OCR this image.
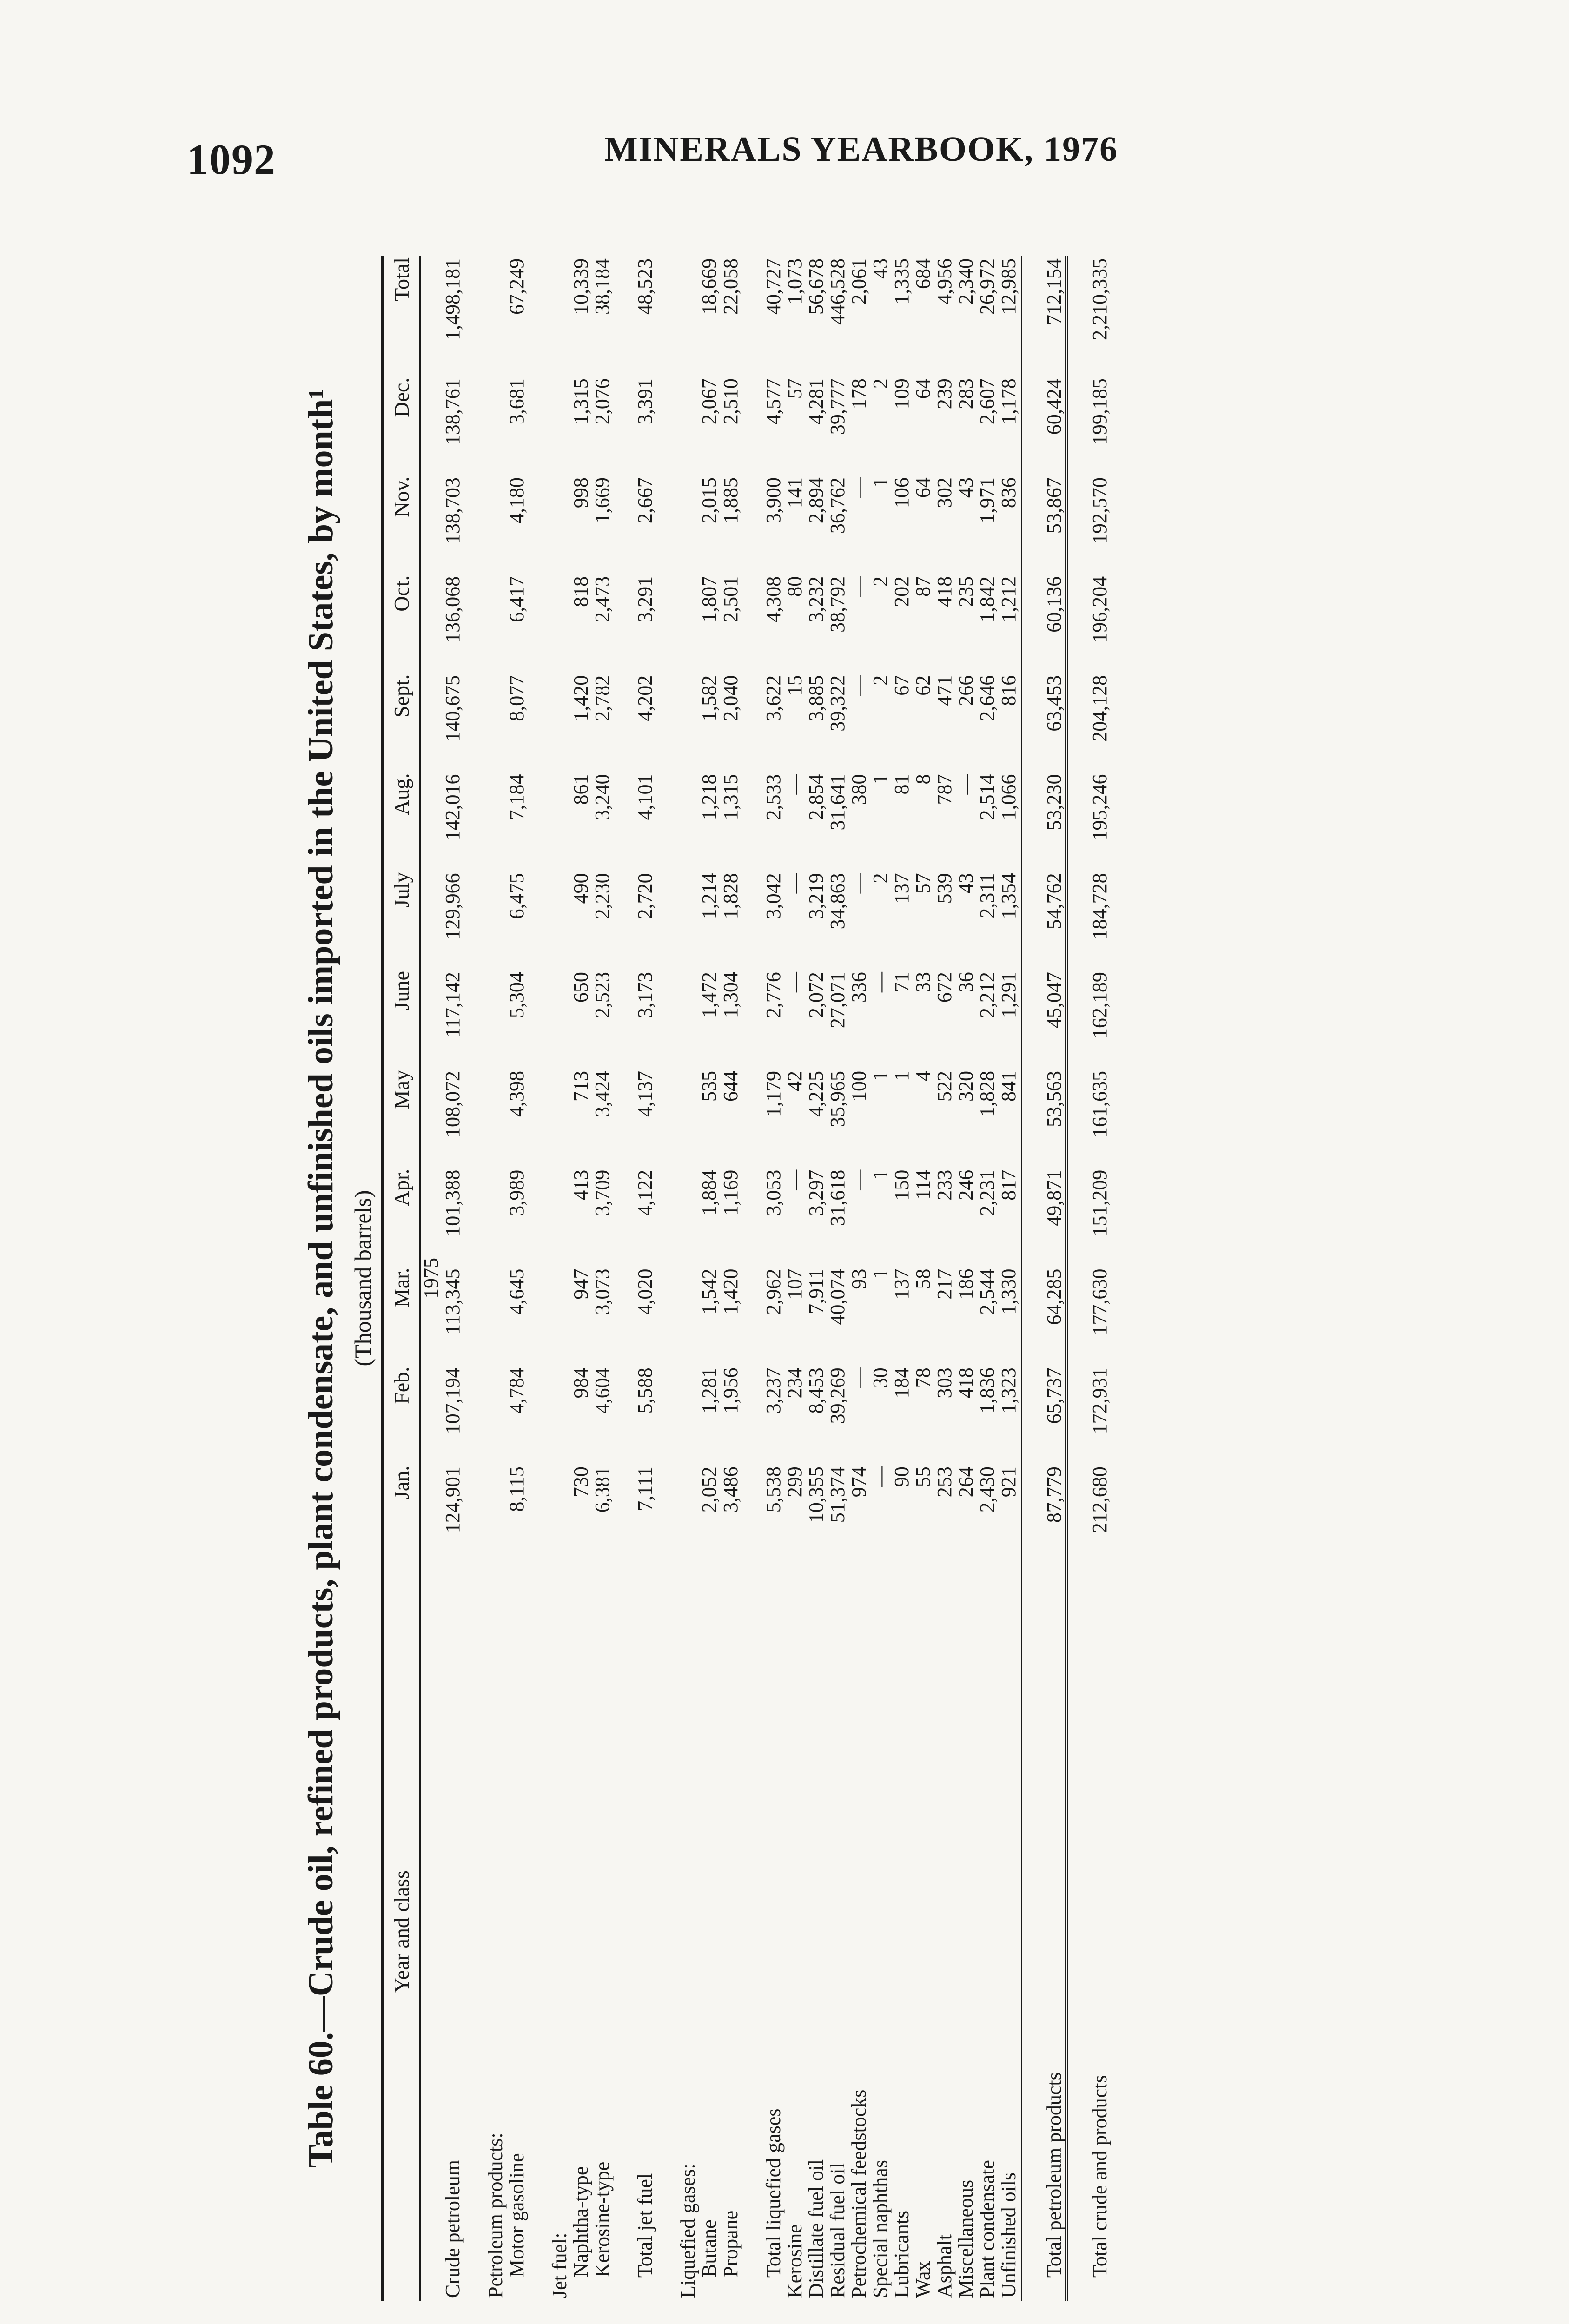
1092	MINERALS YEARBOOK, 1976
Table 60.—Crude oil, refined products, plant condensate, and unfinished oils imported in the United States, by month¹ (Thousand barrels)
Year and class	Jan.	Feb.	Mar.	Apr.	May	June	July	Aug.	Sept.	Oct.	Nov.	Dec.	Total
1975													
Crude petroleum	124,901	107,194	113,345	101,388	108,072	117,142	129,966	142,016	140,675	136,068	138,703	138,761	1,498,181

Petroleum products:													
Motor gasoline	8,115	4,784	4,645	3,989	4,398	5,304	6,475	7,184	8,077	6,417	4,180	3,681	67,249

Jet fuel:													
Naphtha-type	730	984	947	413	713	650	490	861	1,420	818	998	1,315	10,339
Kerosine-type	6,381	4,604	3,073	3,709	3,424	2,523	2,230	3,240	2,782	2,473	1,669	2,076	38,184

Total jet fuel	7,111	5,588	4,020	4,122	4,137	3,173	2,720	4,101	4,202	3,291	2,667	3,391	48,523

Liquefied gases:													
Butane	2,052	1,281	1,542	1,884	535	1,472	1,214	1,218	1,582	1,807	2,015	2,067	18,669
Propane	3,486	1,956	1,420	1,169	644	1,304	1,828	1,315	2,040	2,501	1,885	2,510	22,058

Total liquefied gases	5,538	3,237	2,962	3,053	1,179	2,776	3,042	2,533	3,622	4,308	3,900	4,577	40,727
Kerosine	299	234	107	—	42	—	—	—	15	80	141	57	1,073
Distillate fuel oil	10,355	8,453	7,911	3,297	4,225	2,072	3,219	2,854	3,885	3,232	2,894	4,281	56,678
Residual fuel oil	51,374	39,269	40,074	31,618	35,965	27,071	34,863	31,641	39,322	38,792	36,762	39,777	446,528
Petrochemical feedstocks	974	—	93	—	100	336	—	380	—	—	—	178	2,061
Special naphthas	—	30	1	1	1	—	2	1	2	2	1	2	43
Lubricants	90	184	137	150	1	71	137	81	67	202	106	109	1,335
Wax	55	78	58	114	4	33	57	8	62	87	64	64	684
Asphalt	253	303	217	233	522	672	539	787	471	418	302	239	4,956
Miscellaneous	264	418	186	246	320	36	43	—	266	235	43	283	2,340
Plant condensate	2,430	1,836	2,544	2,231	1,828	2,212	2,311	2,514	2,646	1,842	1,971	2,607	26,972
Unfinished oils	921	1,323	1,330	817	841	1,291	1,354	1,066	816	1,212	836	1,178	12,985

Total petroleum products	87,779	65,737	64,285	49,871	53,563	45,047	54,762	53,230	63,453	60,136	53,867	60,424	712,154

Total crude and products	212,680	172,931	177,630	151,209	161,635	162,189	184,728	195,246	204,128	196,204	192,570	199,185	2,210,335
